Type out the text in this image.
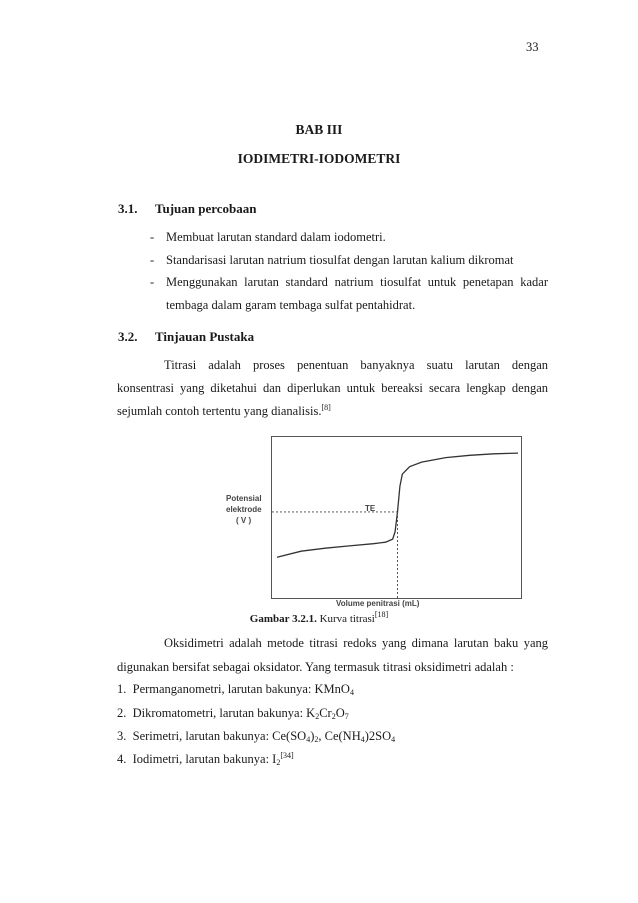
33
BAB III
IODIMETRI-IODOMETRI
3.1. Tujuan percobaan
- Membuat larutan standard dalam iodometri.
- Standarisasi larutan natrium tiosulfat dengan larutan kalium dikromat
- Menggunakan larutan standard natrium tiosulfat untuk penetapan kadar
tembaga dalam garam tembaga sulfat pentahidrat.
3.2. Tinjauan Pustaka
Titrasi adalah proses penentuan banyaknya suatu larutan dengan
konsentrasi yang diketahui dan diperlukan untuk bereaksi secara lengkap dengan
sejumlah contoh tertentu yang dianalisis.[8]
Potensial
elektrode
( V )
TE
Volume penitrasi (mL)
Gambar 3.2.1. Kurva titrasi[18]
Oksidimetri adalah metode titrasi redoks yang dimana larutan baku yang
digunakan bersifat sebagai oksidator. Yang termasuk titrasi oksidimetri adalah :
1. Permanganometri, larutan bakunya: KMnO$_4$
2. Dikromatometri, larutan bakunya: $K_2Cr_2O_7$
3. Serimetri, larutan bakunya: $Ce(SO_4)_2$, $Ce(NH_4)2SO_4$
4. Iodimetri, larutan bakunya: $I_2[34]$
